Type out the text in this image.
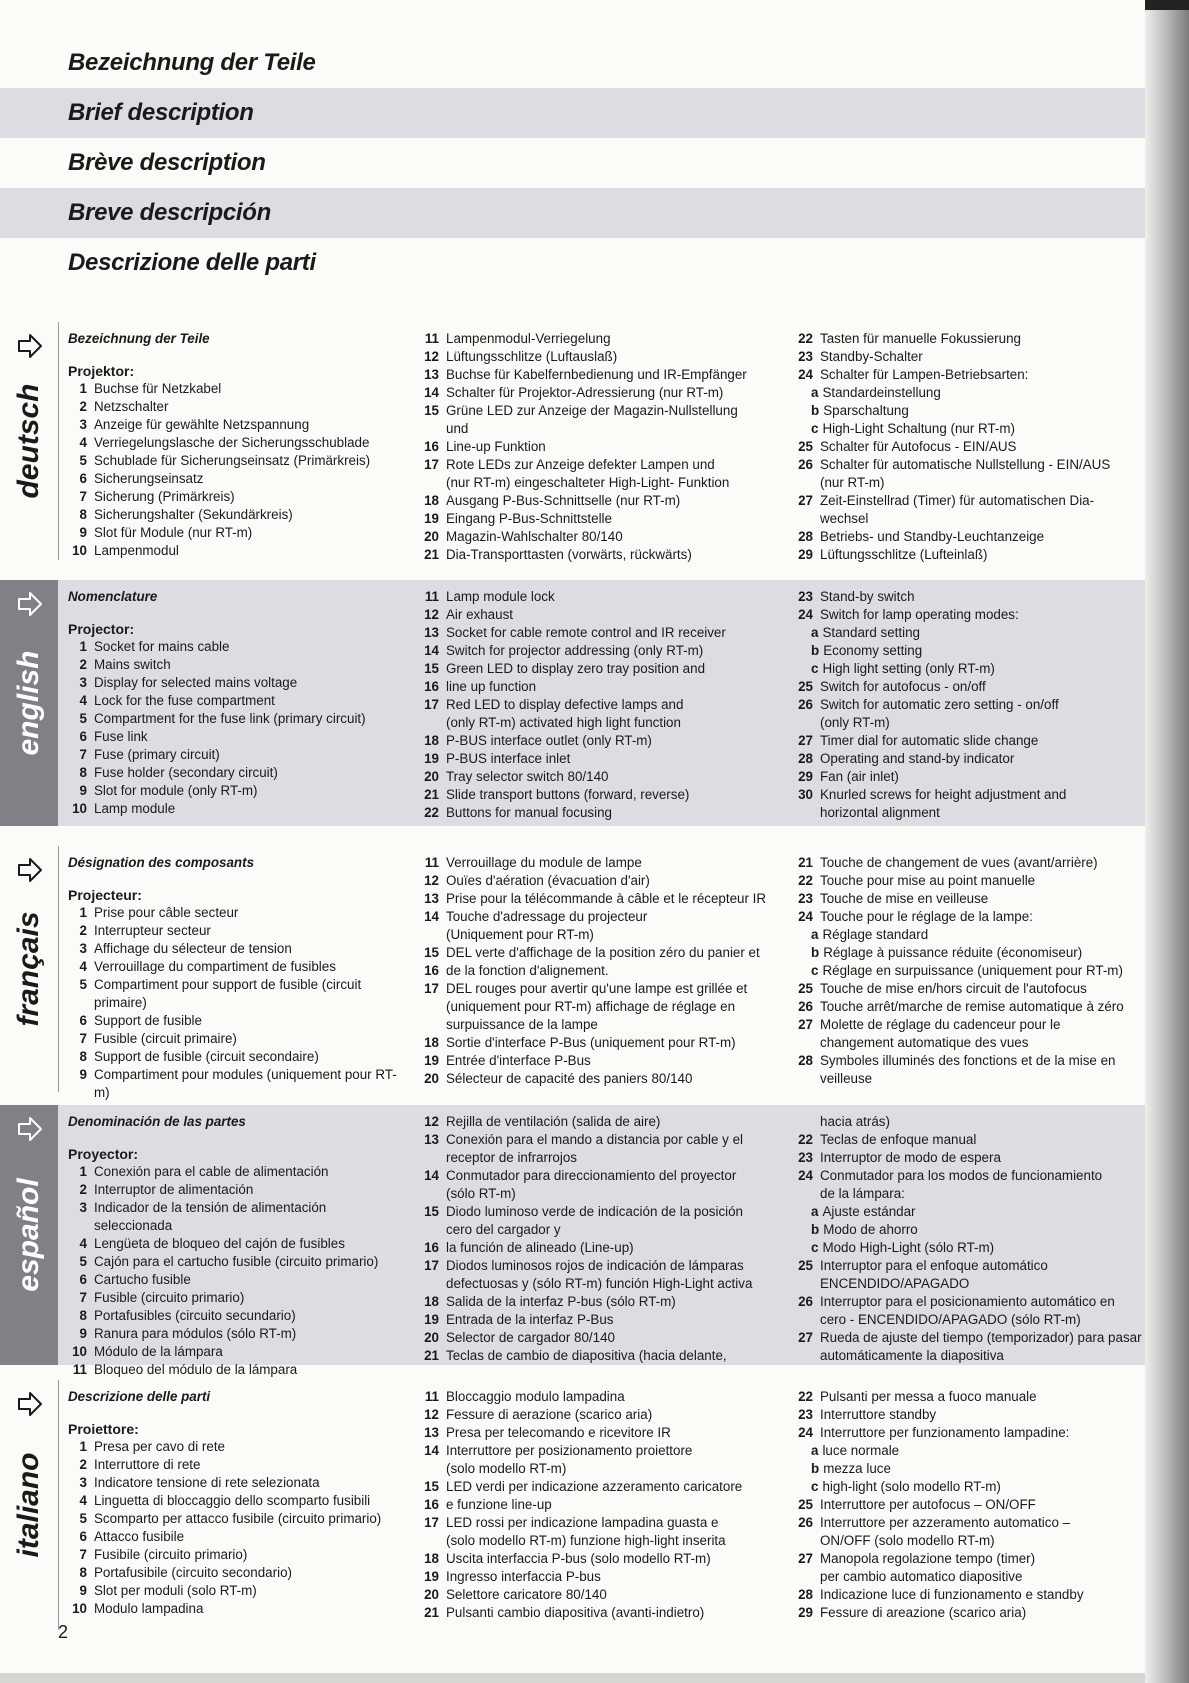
Bezeichnung der Teile
Brief description
Brève description
Breve descripción
Descrizione delle parti
deutsch
Bezeichnung der Teile
Projektor:
1 Buchse für Netzkabel
2 Netzschalter
3 Anzeige für gewählte Netzspannung
4 Verriegelungslasche der Sicherungsschublade
5 Schublade für Sicherungseinsatz (Primärkreis)
6 Sicherungseinsatz
7 Sicherung (Primärkreis)
8 Sicherungshalter (Sekundärkreis)
9 Slot für Module (nur RT-m)
10 Lampenmodul
11 Lampenmodul-Verriegelung
12 Lüftungsschlitze (Luftauslaß)
13 Buchse für Kabelfernbedienung und IR-Empfänger
14 Schalter für Projektor-Adressierung (nur RT-m)
15 Grüne LED zur Anzeige der Magazin-Nullstellung
und
16 Line-up Funktion
17 Rote LEDs zur Anzeige defekter Lampen und
(nur RT-m) eingeschalteter High-Light- Funktion
18 Ausgang P-Bus-Schnittselle (nur RT-m)
19 Eingang P-Bus-Schnittstelle
20 Magazin-Wahlschalter 80/140
21 Dia-Transporttasten (vorwärts, rückwärts)
22 Tasten für manuelle Fokussierung
23 Standby-Schalter
24 Schalter für Lampen-Betriebsarten:
a Standardeinstellung
b Sparschaltung
c High-Light Schaltung (nur RT-m)
25 Schalter für Autofocus - EIN/AUS
26 Schalter für automatische Nullstellung - EIN/AUS
(nur RT-m)
27 Zeit-Einstellrad (Timer) für automatischen Dia-
wechsel
28 Betriebs- und Standby-Leuchtanzeige
29 Lüftungsschlitze (Lufteinlaß)
english
Nomenclature
Projector:
1 Socket for mains cable
2 Mains switch
3 Display for selected mains voltage
4 Lock for the fuse compartment
5 Compartment for the fuse link (primary circuit)
6 Fuse link
7 Fuse (primary circuit)
8 Fuse holder (secondary circuit)
9 Slot for module (only RT-m)
10 Lamp module
11 Lamp module lock
12 Air exhaust
13 Socket for cable remote control and IR receiver
14 Switch for projector addressing (only RT-m)
15 Green LED to display zero tray position and
16 line up function
17 Red LED to display defective lamps and
(only RT-m) activated high light function
18 P-BUS interface outlet (only RT-m)
19 P-BUS interface inlet
20 Tray selector switch 80/140
21 Slide transport buttons (forward, reverse)
22 Buttons for manual focusing
23 Stand-by switch
24 Switch for lamp operating modes:
a Standard setting
b Economy setting
c High light setting (only RT-m)
25 Switch for autofocus - on/off
26 Switch for automatic zero setting - on/off
(only RT-m)
27 Timer dial for automatic slide change
28 Operating and stand-by indicator
29 Fan (air inlet)
30 Knurled screws for height adjustment and
horizontal alignment
français
Désignation des composants
Projecteur:
1 Prise pour câble secteur
2 Interrupteur secteur
3 Affichage du sélecteur de tension
4 Verrouillage du compartiment de fusibles
5 Compartiment pour support de fusible (circuit primaire)
6 Support de fusible
7 Fusible (circuit primaire)
8 Support de fusible (circuit secondaire)
9 Compartiment pour modules (uniquement pour RT-m)
11 Verrouillage du module de lampe
12 Ouïes d'aération (évacuation d'air)
13 Prise pour la télécommande à câble et le récepteur IR
14 Touche d'adressage du projecteur
(Uniquement pour RT-m)
15 DEL verte d'affichage de la position zéro du panier et
16 de la fonction d'alignement.
17 DEL rouges pour avertir qu'une lampe est grillée et
(uniquement pour RT-m) affichage de réglage en
surpuissance de la lampe
18 Sortie d'interface P-Bus (uniquement pour RT-m)
19 Entrée d'interface P-Bus
20 Sélecteur de capacité des paniers 80/140
21 Touche de changement de vues (avant/arrière)
22 Touche pour mise au point manuelle
23 Touche de mise en veilleuse
24 Touche pour le réglage de la lampe:
a Réglage standard
b Réglage à puissance réduite (économiseur)
c Réglage en surpuissance (uniquement pour RT-m)
25 Touche de mise en/hors circuit de l'autofocus
26 Touche arrêt/marche de remise automatique à zéro
27 Molette de réglage du cadenceur pour le
changement automatique des vues
28 Symboles illuminés des fonctions et de la mise en
veilleuse
español
Denominación de las partes
Proyector:
1 Conexión para el cable de alimentación
2 Interruptor de alimentación
3 Indicador de la tensión de alimentación seleccionada
4 Lengüeta de bloqueo del cajón de fusibles
5 Cajón para el cartucho fusible (circuito primario)
6 Cartucho fusible
7 Fusible (circuito primario)
8 Portafusibles (circuito secundario)
9 Ranura para módulos (sólo RT-m)
10 Módulo de la lámpara
11 Bloqueo del módulo de la lámpara
12 Rejilla de ventilación (salida de aire)
13 Conexión para el mando a distancia por cable y el
receptor de infrarrojos
14 Conmutador para direccionamiento del proyector
(sólo RT-m)
15 Diodo luminoso verde de indicación de la posición
cero del cargador y
16 la función de alineado (Line-up)
17 Diodos luminosos rojos de indicación de lámparas
defectuosas y (sólo RT-m) función High-Light activa
18 Salida de la interfaz P-bus (sólo RT-m)
19 Entrada de la interfaz P-Bus
20 Selector de cargador 80/140
21 Teclas de cambio de diapositiva (hacia delante,
hacia atrás)
22 Teclas de enfoque manual
23 Interruptor de modo de espera
24 Conmutador para los modos de funcionamiento
de la lámpara:
a Ajuste estándar
b Modo de ahorro
c Modo High-Light (sólo RT-m)
25 Interruptor para el enfoque automático
ENCENDIDO/APAGADO
26 Interruptor para el posicionamiento automático en
cero - ENCENDIDO/APAGADO (sólo RT-m)
27 Rueda de ajuste del tiempo (temporizador) para pasar
automáticamente la diapositiva
italiano
Descrizione delle parti
Proiettore:
1 Presa per cavo di rete
2 Interruttore di rete
3 Indicatore tensione di rete selezionata
4 Linguetta di bloccaggio dello scomparto fusibili
5 Scomparto per attacco fusibile (circuito primario)
6 Attacco fusibile
7 Fusibile (circuito primario)
8 Portafusibile (circuito secondario)
9 Slot per moduli (solo RT-m)
10 Modulo lampadina
11 Bloccaggio modulo lampadina
12 Fessure di aerazione (scarico aria)
13 Presa per telecomando e ricevitore IR
14 Interruttore per posizionamento proiettore
(solo modello RT-m)
15 LED verdi per indicazione azzeramento caricatore
16 e funzione line-up
17 LED rossi per indicazione lampadina guasta e
(solo modello RT-m) funzione high-light inserita
18 Uscita interfaccia P-bus (solo modello RT-m)
19 Ingresso interfaccia P-bus
20 Selettore caricatore 80/140
21 Pulsanti cambio diapositiva (avanti-indietro)
22 Pulsanti per messa a fuoco manuale
23 Interruttore standby
24 Interruttore per funzionamento lampadine:
a luce normale
b mezza luce
c high-light (solo modello RT-m)
25 Interruttore per autofocus – ON/OFF
26 Interruttore per azzeramento automatico –
ON/OFF (solo modello RT-m)
27 Manopola regolazione tempo (timer)
per cambio automatico diapositive
28 Indicazione luce di funzionamento e standby
29 Fessure di areazione (scarico aria)
2
